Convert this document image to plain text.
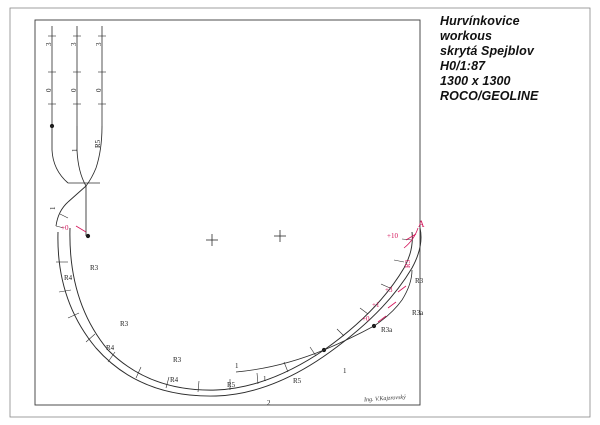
Hurvínkovice
workous
skrytá Spejblov
H0/1:87
1300 x 1300
ROCO/GEOLINE
Ing. V.Kajzrovský
3 3 3
0 0 0
1
R5
1
+0
R4
R3
R3
R4
R3
R4
R5
1
1	R5
1
2
R3a
R3a
R3
R3
+0
+1
+3
+10
A
